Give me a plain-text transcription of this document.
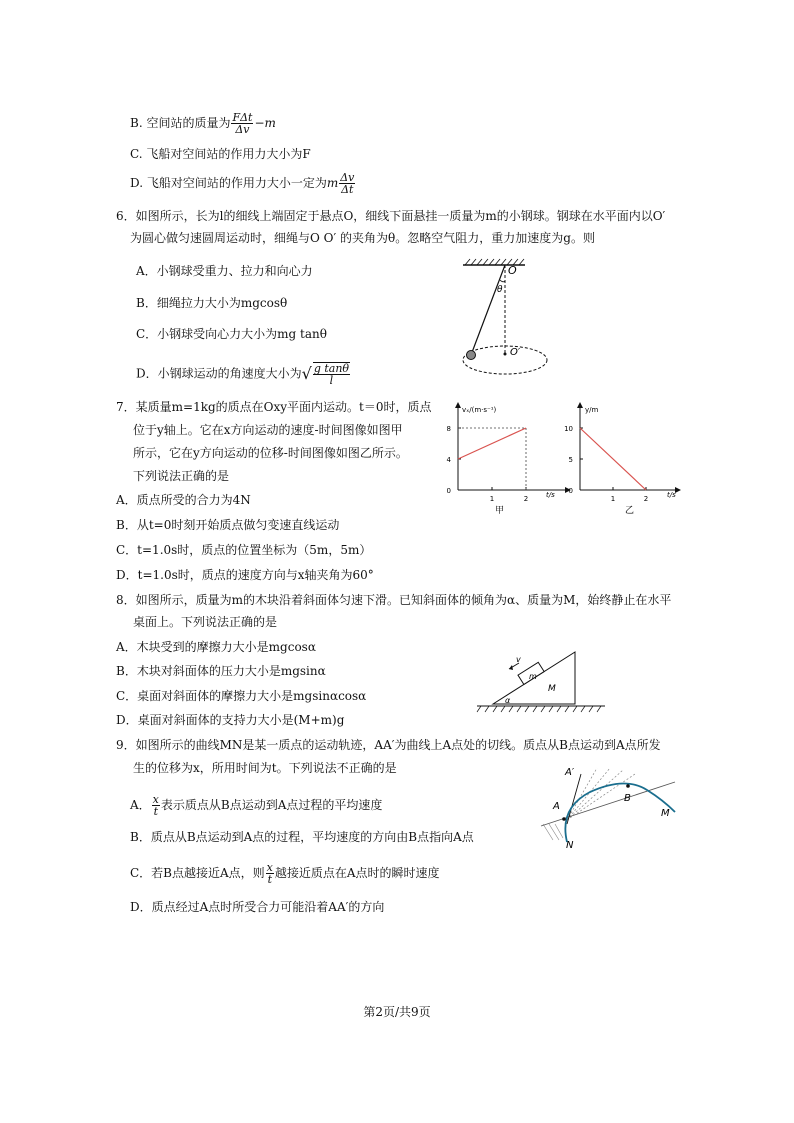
B. 空间站的质量为 $\frac{\text{FΔt}}{\Delta v} -m$
C. 飞船对空间站的作用力大小为F
D. 飞船对空间站的作用力大小一定为m $\frac{\Delta v}{\Delta t}$
6．如图所示，长为l的细线上端固定于悬点O，细线下面悬挂一质量为m的小钢球。钢球在水平面内以O′
为圆心做匀速圆周运动时，细绳与O O′ 的夹角为θ。忽略空气阻力，重力加速度为g。则
A．小钢球受重力、拉力和向心力
B．细绳拉力大小为mgcosθ
C．小钢球受向心力大小为mg tanθ
D．小钢球运动的角速度大小为√ $\frac{\text{g tanθ}}{l}$
O
θ
O′
7．某质量m=1kg的质点在Oxy平面内运动。t＝0时，质点
位于y轴上。它在x方向运动的速度-时间图像如图甲
所示，它在y方向运动的位移-时间图像如图乙所示。
下列说法正确的是
A．质点所受的合力为4N
B．从t=0时刻开始质点做匀变速直线运动
C．t=1.0s时，质点的位置坐标为（5m，5m）
D．t=1.0s时，质点的速度方向与x轴夹角为60°
vₓ/(m·s⁻¹)
t/s
8
4
0
1	2
甲
y/m
t/s
10
5
0
1	2
乙
8．如图所示，质量为m的木块沿着斜面体匀速下滑。已知斜面体的倾角为α、质量为M，始终静止在水平
桌面上。下列说法正确的是
A．木块受到的摩擦力大小是mgcosα
B．木块对斜面体的压力大小是mgsinα
C．桌面对斜面体的摩擦力大小是mgsinαcosα
D．桌面对斜面体的支持力大小是(M+m)g
v
m
M
α
9．如图所示的曲线MN是某一质点的运动轨迹，AA′为曲线上A点处的切线。质点从B点运动到A点所发
生的位移为x，所用时间为t。下列说法不正确的是
A． $\frac{x}{t}$ 表示质点从B点运动到A点过程的平均速度
B．质点从B点运动到A点的过程，平均速度的方向由B点指向A点
C．若B点越接近A点，则 $\frac{x}{t}$ 越接近质点在A点时的瞬时速度
D．质点经过A点时所受合力可能沿着AA′的方向
A′
A
B
M
N
第2页/共9页
